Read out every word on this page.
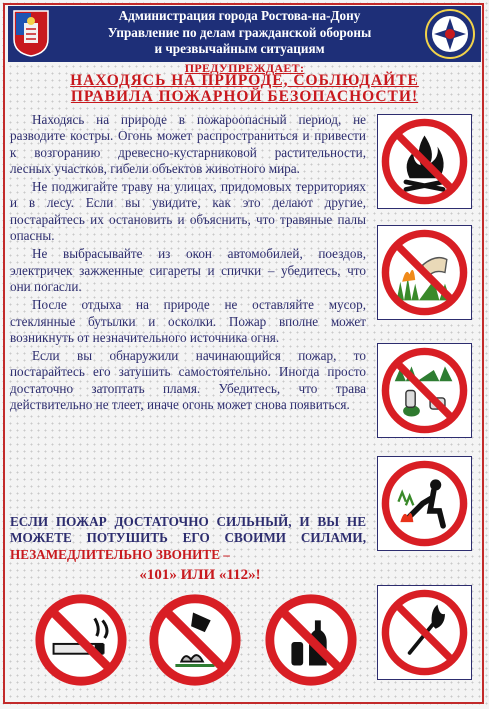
Администрация города Ростова-на-Дону
Управление по делам гражданской обороны
и чрезвычайным ситуациям
ПРЕДУПРЕЖДАЕТ:
НАХОДЯСЬ НА ПРИРОДЕ, СОБЛЮДАЙТЕ
ПРАВИЛА ПОЖАРНОЙ БЕЗОПАСНОСТИ!
Находясь на природе в пожароопасный период, не разводите костры. Огонь может распространиться и привести к возгоранию древесно-кустарниковой растительности, лесных участков, гибели объектов животного мира.
Не поджигайте траву на улицах, придомовых территориях и в лесу. Если вы увидите, как это делают другие, постарайтесь их остановить и объяснить, что травяные палы опасны.
Не выбрасывайте из окон автомобилей, поездов, электричек зажженные сигареты и спички – убедитесь, что они погасли.
После отдыха на природе не оставляйте мусор, стеклянные бутылки и осколки. Пожар вполне может возникнуть от незначительного источника огня.
Если вы обнаружили начинающийся пожар, то постарайтесь его затушить самостоятельно. Иногда просто достаточно затоптать пламя. Убедитесь, что трава действительно не тлеет, иначе огонь может снова появиться.
ЕСЛИ ПОЖАР ДОСТАТОЧНО СИЛЬНЫЙ, И ВЫ НЕ МОЖЕТЕ ПОТУШИТЬ ЕГО СВОИМИ СИЛАМИ, НЕЗАМЕДЛИТЕЛЬНО ЗВОНИТЕ –
«101» ИЛИ «112»!
